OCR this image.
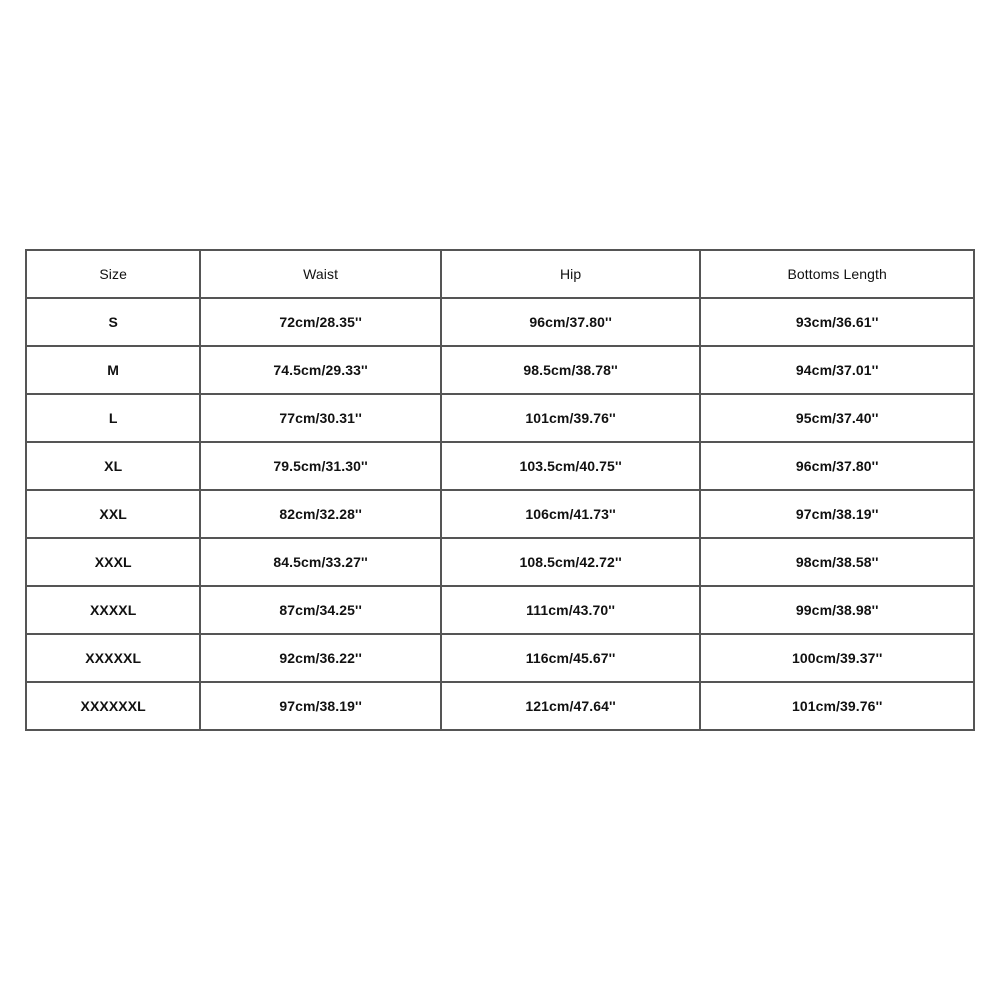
Size	Waist	Hip	Bottoms Length
S	72cm/28.35''	96cm/37.80''	93cm/36.61''
M	74.5cm/29.33''	98.5cm/38.78''	94cm/37.01''
L	77cm/30.31''	101cm/39.76''	95cm/37.40''
XL	79.5cm/31.30''	103.5cm/40.75''	96cm/37.80''
XXL	82cm/32.28''	106cm/41.73''	97cm/38.19''
XXXL	84.5cm/33.27''	108.5cm/42.72''	98cm/38.58''
XXXXL	87cm/34.25''	111cm/43.70''	99cm/38.98''
XXXXXL	92cm/36.22''	116cm/45.67''	100cm/39.37''
XXXXXXL	97cm/38.19''	121cm/47.64''	101cm/39.76''
